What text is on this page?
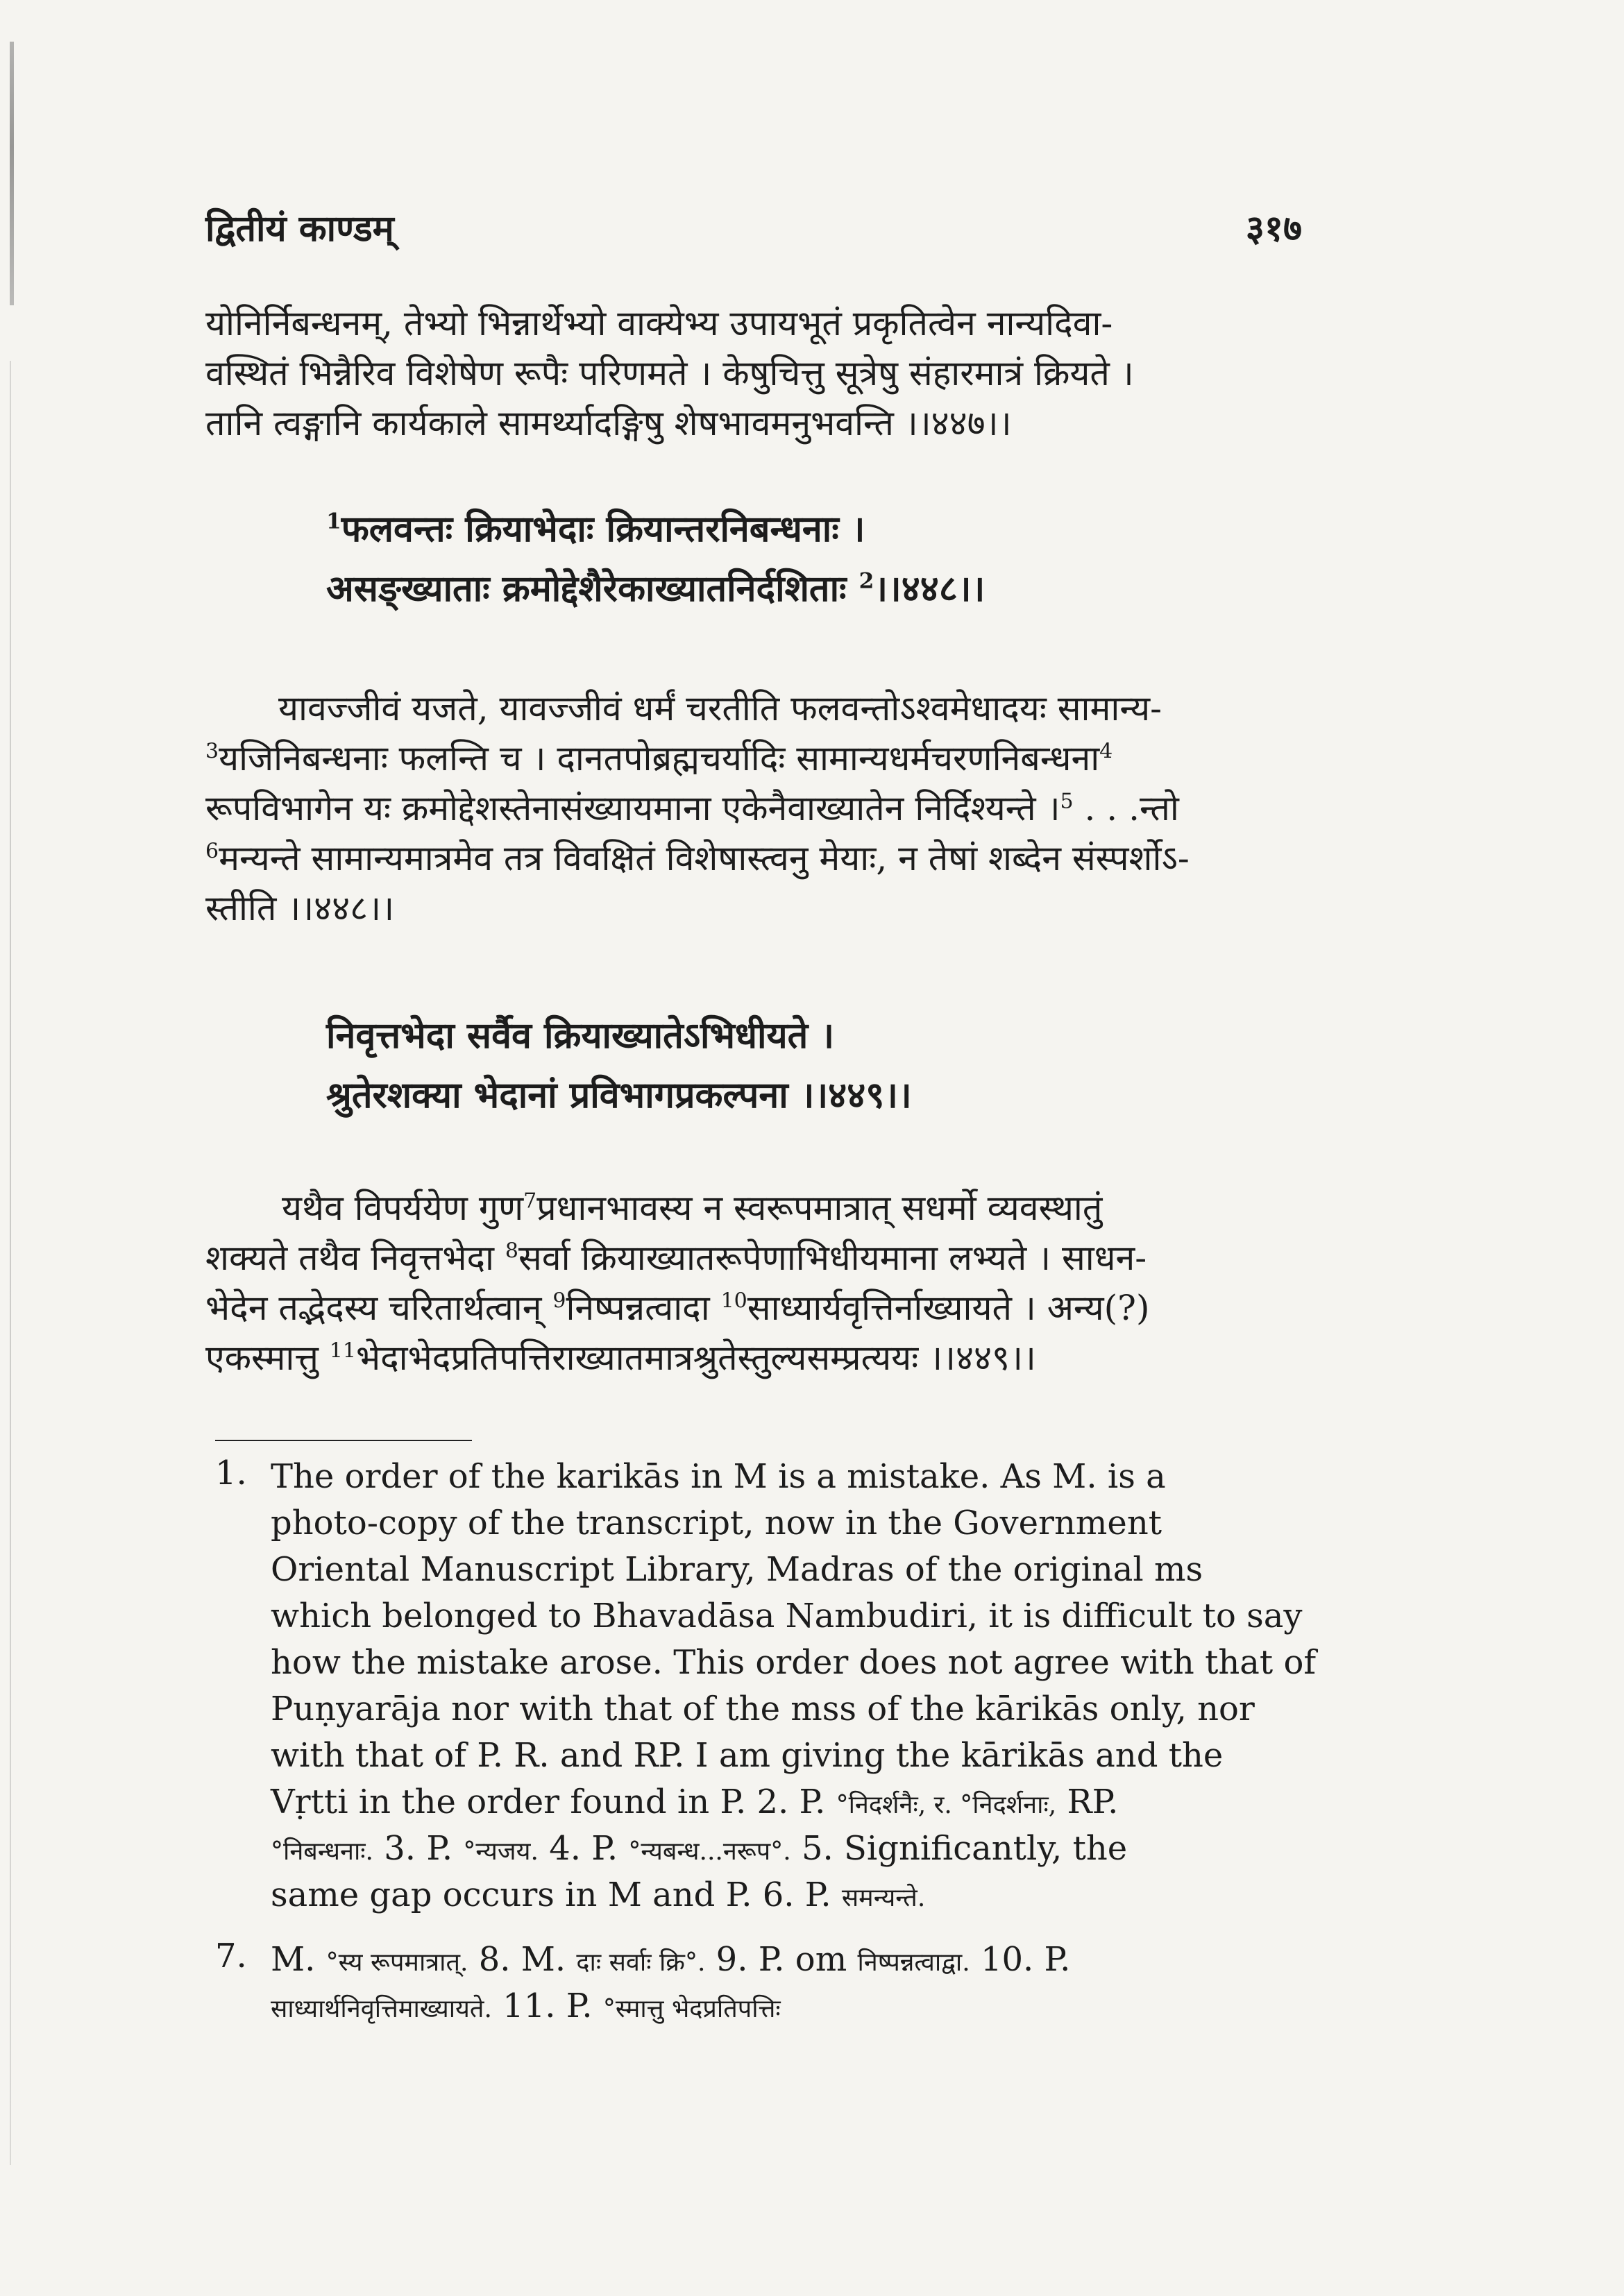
द्वितीयं काण्डम्	३१७
योनिर्निबन्धनम्, तेभ्यो भिन्नार्थेभ्यो वाक्येभ्य उपायभूतं प्रकृतित्वेन नान्यदिवा-
वस्थितं भिन्नैरिव विशेषेण रूपैः परिणमते । केषुचित्तु सूत्रेषु संहारमात्रं क्रियते ।
तानि त्वङ्गानि कार्यकाले सामर्थ्यादङ्गिषु शेषभावमनुभवन्ति ।।४४७।।
$^1$फलवन्तः क्रियाभेदाः क्रियान्तरनिबन्धनाः ।
असङ्ख्याताः क्रमोद्देशैरेकाख्यातनिर्दशिताः $^2$।।४४८।।
यावज्जीवं यजते, यावज्जीवं धर्मं चरतीति फलवन्तोऽश्वमेधादयः सामान्य-
$^3$यजिनिबन्धनाः फलन्ति च । दानतपोब्रह्मचर्यादिः सामान्यधर्मचरणनिबन्धना$^4$
रूपविभागेन यः क्रमोद्देशस्तेनासंख्यायमाना एकेनैवाख्यातेन निर्दिश्यन्ते ।$^5$ . . .न्तो
$^6$मन्यन्ते सामान्यमात्रमेव तत्र विवक्षितं विशेषास्त्वनु मेयाः, न तेषां शब्देन संस्पर्शोऽ-
स्तीति ।।४४८।।
निवृत्तभेदा सर्वैव क्रियाख्यातेऽभिधीयते ।
श्रुतेरशक्या भेदानां प्रविभागप्रकल्पना ।।४४९।।
यथैव विपर्ययेण गुण$^7$प्रधानभावस्य न स्वरूपमात्रात् सधर्मो व्यवस्थातुं
शक्यते तथैव निवृत्तभेदा $^8$सर्वा क्रियाख्यातरूपेणाभिधीयमाना लभ्यते । साधन-
भेदेन तद्भेदस्य चरितार्थत्वान् $^9$निष्पन्नत्वादा $^{10}$साध्यार्यवृत्तिर्नाख्यायते । अन्य(?)
एकस्मात्तु $^{11}$भेदाभेदप्रतिपत्तिराख्यातमात्रश्रुतेस्तुल्यसम्प्रत्ययः ।।४४९।।
1. The order of the karikās in M is a mistake. As M. is a
photo-copy of the transcript, now in the Government
Oriental Manuscript Library, Madras of the original ms
which belonged to Bhavadāsa Nambudiri, it is difficult to say
how the mistake arose. This order does not agree with that of
Puṇyarāja nor with that of the mss of the kārikās only, nor
with that of P. R. and RP. I am giving the kārikās and the
Vṛtti in the order found in P. 2. P. °निदर्शनैः, र. °निदर्शनाः, RP.
°निबन्धनाः. 3. P. °न्यजय. 4. P. °न्यबन्ध...नरूप°. 5. Significantly, the
same gap occurs in M and P. 6. P. समन्यन्ते.
7. M. °स्य रूपमात्रात्. 8. M. दाः सर्वाः क्रि°. 9. P. om निष्पन्नत्वाद्वा. 10. P.
साध्यार्थनिवृत्तिमाख्यायते. 11. P. °स्मात्तु भेदप्रतिपत्तिः
